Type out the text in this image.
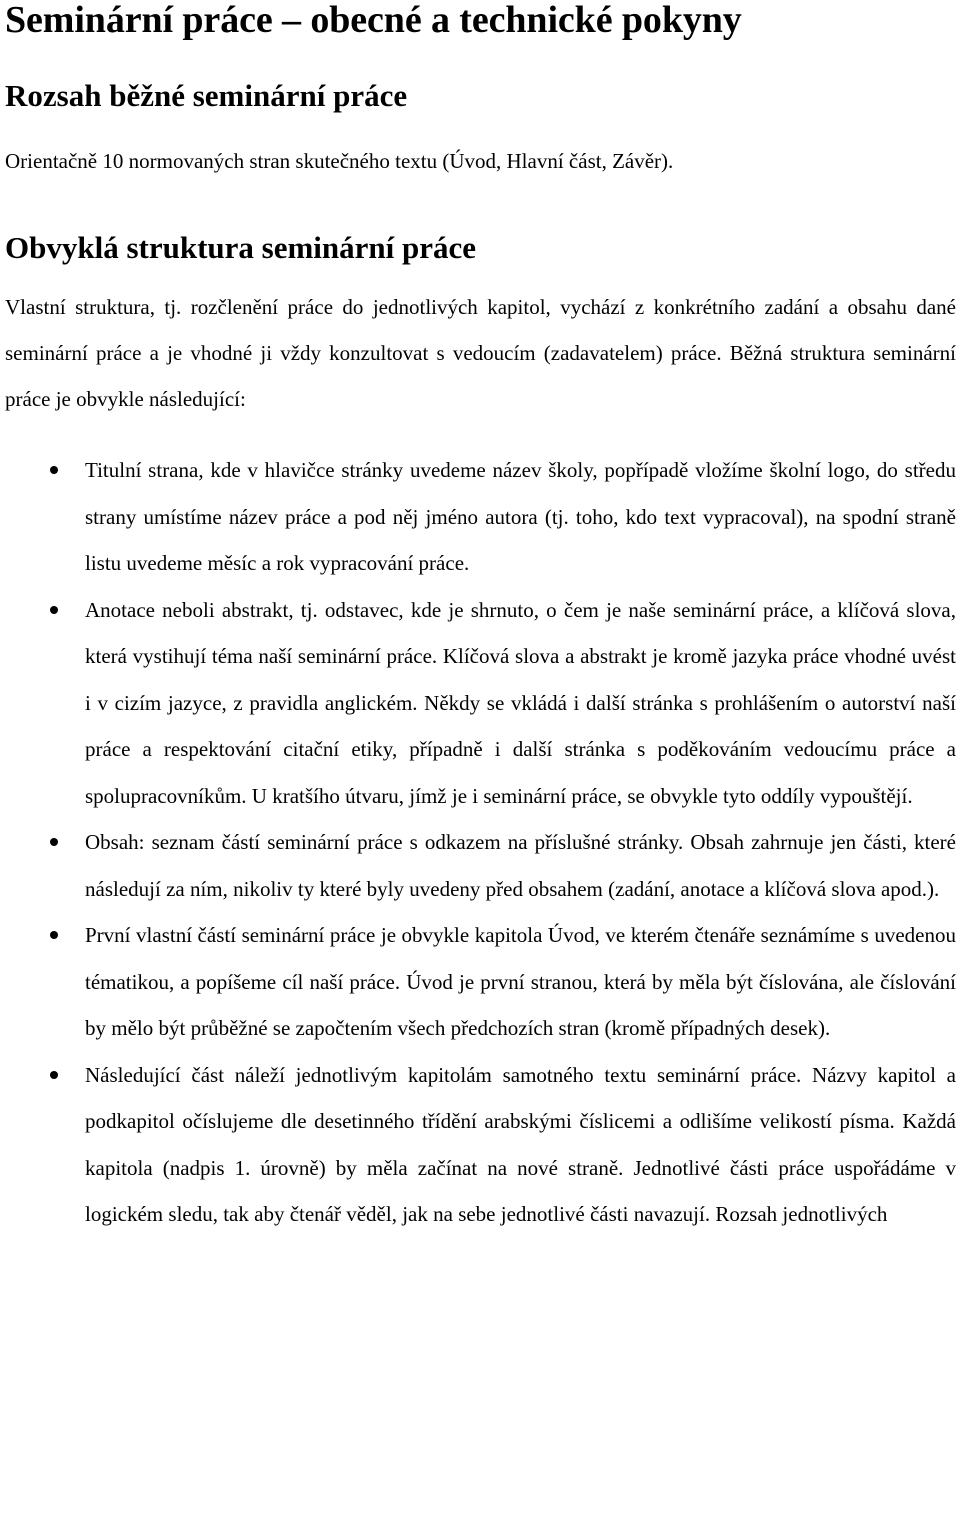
Seminární práce – obecné a technické pokyny
Rozsah běžné seminární práce

Orientačně 10 normovaných stran skutečného textu (Úvod, Hlavní část, Závěr).

Obvyklá struktura seminární práce

Vlastní struktura, tj. rozčlenění práce do jednotlivých kapitol, vychází z konkrétního zadání a obsahu dané seminární práce a je vhodné ji vždy konzultovat s vedoucím (zadavatelem) práce. Běžná struktura seminární práce je obvykle následující:

Titulní strana, kde v hlavičce stránky uvedeme název školy, popřípadě vložíme školní logo, do středu strany umístíme název práce a pod něj jméno autora (tj. toho, kdo text vypracoval), na spodní straně listu uvedeme měsíc a rok vypracování práce.
Anotace neboli abstrakt, tj. odstavec, kde je shrnuto, o čem je naše seminární práce, a klíčová slova, která vystihují téma naší seminární práce. Klíčová slova a abstrakt je kromě jazyka práce vhodné uvést i v cizím jazyce, z pravidla anglickém. Někdy se vkládá i další stránka s prohlášením o autorství naší práce a respektování citační etiky, případně i další stránka s poděkováním vedoucímu práce a spolupracovníkům. U kratšího útvaru, jímž je i seminární práce, se obvykle tyto oddíly vypouštějí.
Obsah: seznam částí seminární práce s odkazem na příslušné stránky. Obsah zahrnuje jen části, které následují za ním, nikoliv ty které byly uvedeny před obsahem (zadání, anotace a klíčová slova apod.).
První vlastní částí seminární práce je obvykle kapitola Úvod, ve kterém čtenáře seznámíme s uvedenou tématikou, a popíšeme cíl naší práce. Úvod je první stranou, která by měla být číslována, ale číslování by mělo být průběžné se započtením všech předchozích stran (kromě případných desek).
Následující část náleží jednotlivým kapitolám samotného textu seminární práce. Názvy kapitol a podkapitol očíslujeme dle desetinného třídění arabskými číslicemi a odlišíme velikostí písma. Každá kapitola (nadpis 1. úrovně) by měla začínat na nové straně. Jednotlivé části práce uspořádáme v logickém sledu, tak aby čtenář věděl, jak na sebe jednotlivé části navazují. Rozsah jednotlivých
